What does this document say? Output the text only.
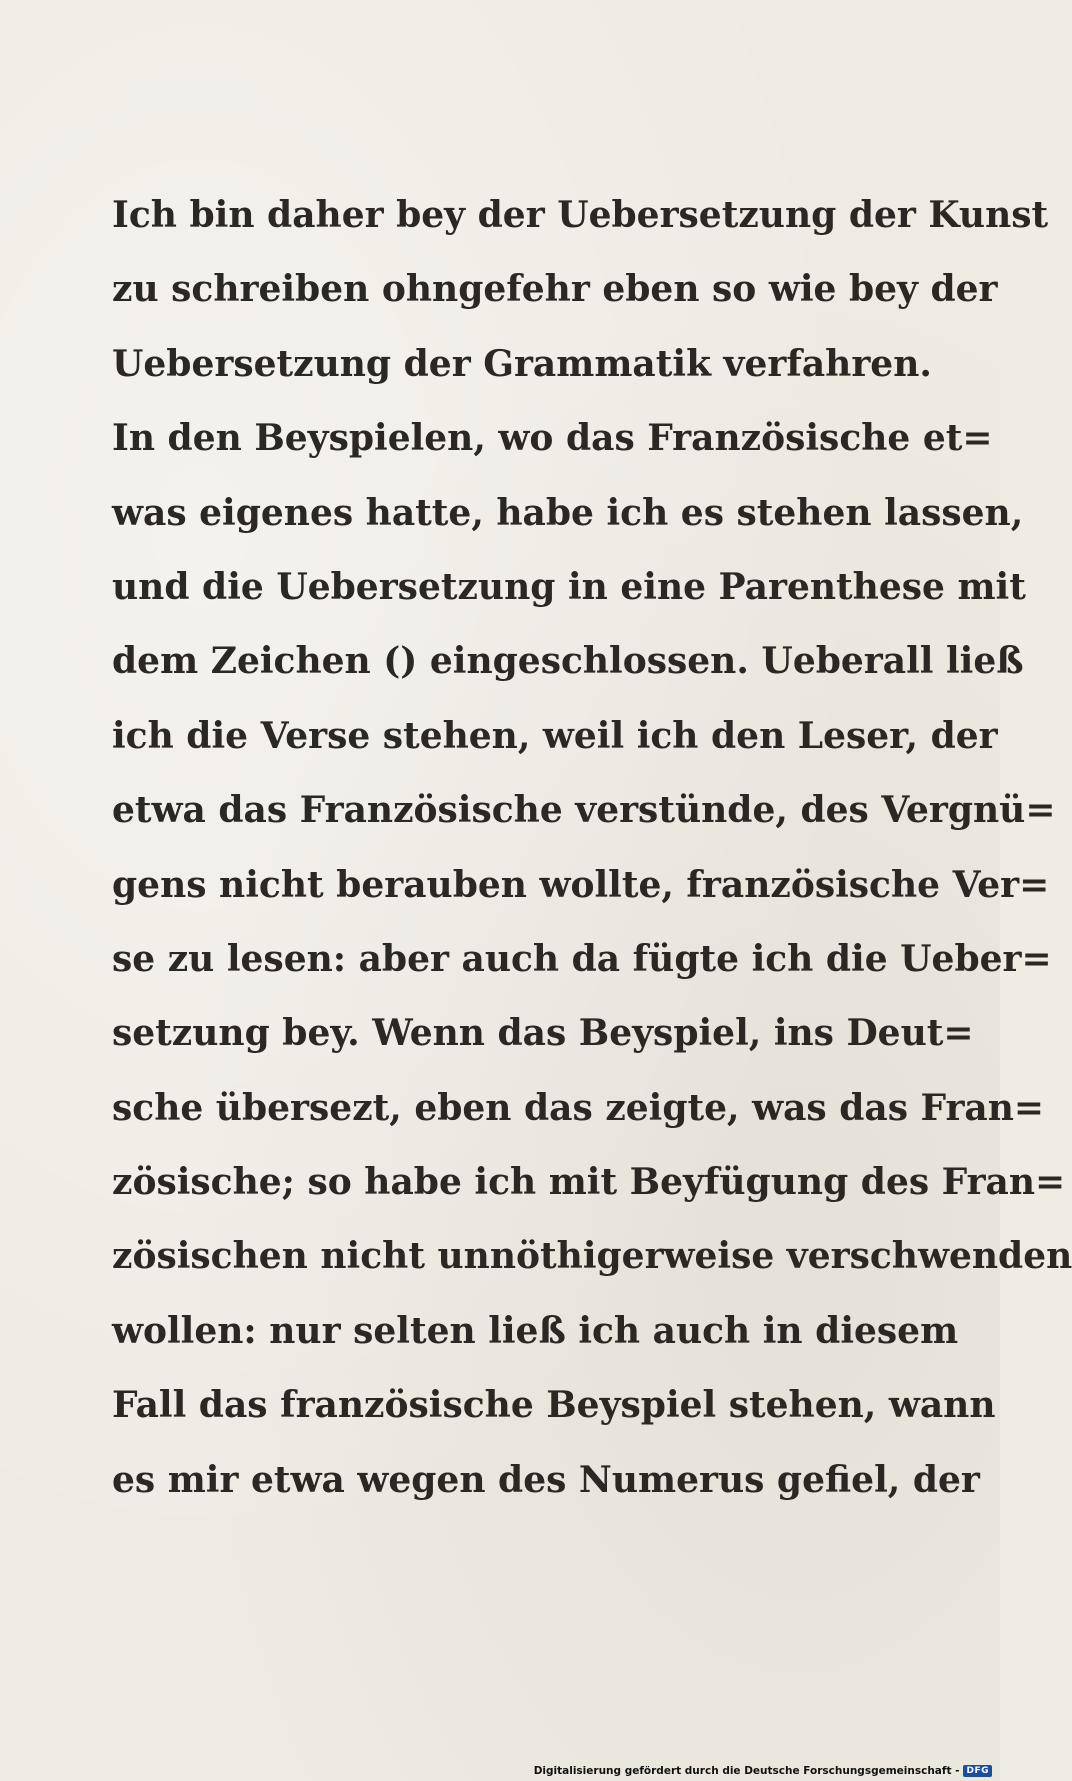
Ich bin daher bey der Uebersetzung der Kunst
zu schreiben ohngefehr eben so wie bey der
Uebersetzung der Grammatik verfahren.
In den Beyspielen, wo das Französische et=
was eigenes hatte, habe ich es stehen lassen,
und die Uebersetzung in eine Parenthese mit
dem Zeichen () eingeschlossen. Ueberall ließ
ich die Verse stehen, weil ich den Leser, der
etwa das Französische verstünde, des Vergnü=
gens nicht berauben wollte, französische Ver=
se zu lesen: aber auch da fügte ich die Ueber=
setzung bey. Wenn das Beyspiel, ins Deut=
sche übersezt, eben das zeigte, was das Fran=
zösische; so habe ich mit Beyfügung des Fran=
zösischen nicht unnöthigerweise verschwenden
wollen: nur selten ließ ich auch in diesem
Fall das französische Beyspiel stehen, wann
es mir etwa wegen des Numerus gefiel, der
Digitalisierung gefördert durch die Deutsche Forschungsgemeinschaft - DFG
